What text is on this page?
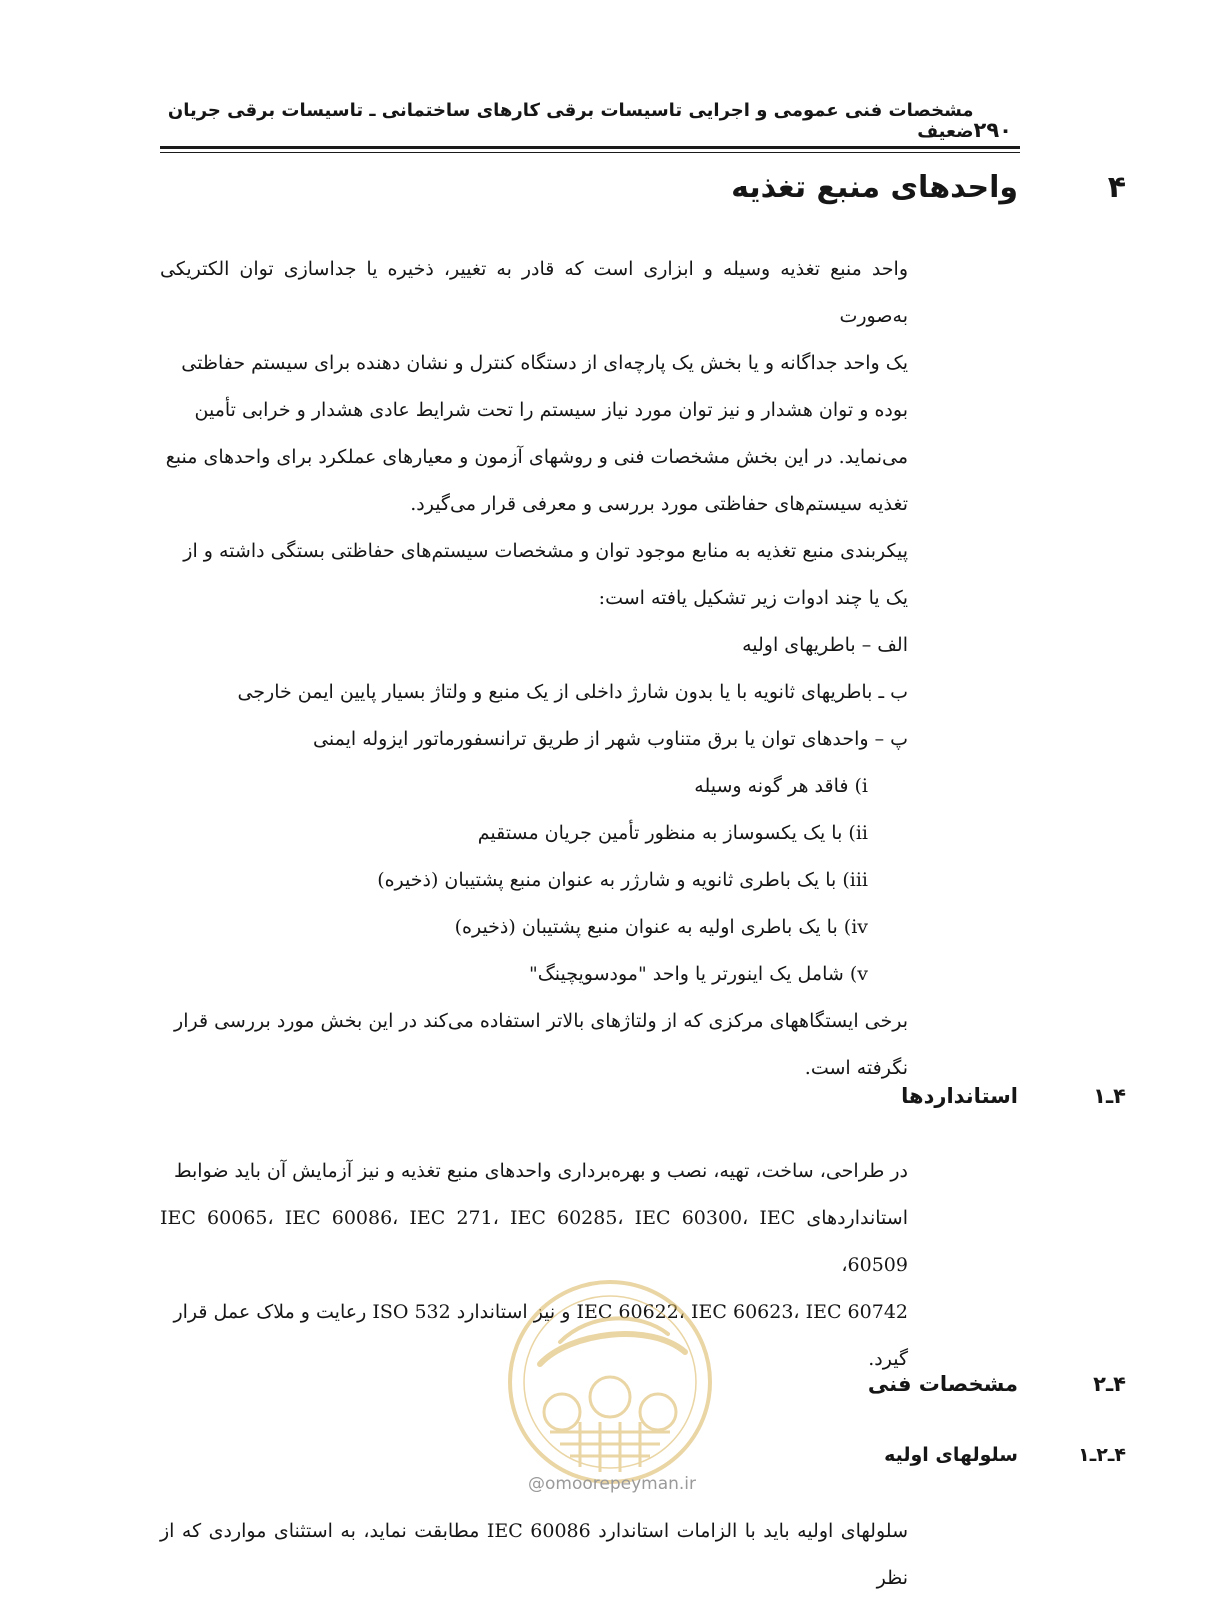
۲۹۰
مشخصات فنی عمومی و اجرایی تاسیسات برقی کارهای ساختمانی ـ تاسیسات برقی جریان ضعیف
۴
واحدهای منبع تغذیه

واحد منبع تغذیه وسیله و ابزاری است که قادر به تغییر، ذخیره یا جداسازی توان الکتریکی به‌صورت

یک واحد جداگانه و یا بخش یک پارچه‌ای از دستگاه کنترل و نشان دهنده برای سیستم حفاظتی

بوده و توان هشدار و نیز توان مورد نیاز سیستم را تحت شرایط عادی هشدار و خرابی تأمین

می‌نماید. در این بخش مشخصات فنی و روشهای آزمون و معیارهای عملکرد برای واحدهای منبع

تغذیه سیستم‌های حفاظتی مورد بررسی و معرفی قرار می‌گیرد.

پیکربندی منبع تغذیه به منابع موجود توان و مشخصات سیستم‌های حفاظتی بستگی داشته و از

یک یا چند ادوات زیر تشکیل یافته است:

الف – باطریهای اولیه

ب ـ باطریهای ثانویه با یا بدون شارژ داخلی از یک منبع و ولتاژ بسیار پایین ایمن خارجی

پ – واحدهای توان یا برق متناوب شهر از طریق ترانسفورماتور ایزوله ایمنی

i) فاقد هر گونه وسیله

ii) با یک یکسوساز به منظور تأمین جریان مستقیم

iii) با یک باطری ثانویه و شارژر به عنوان منبع پشتیبان (ذخیره)

iv) با یک باطری اولیه به عنوان منبع پشتیبان (ذخیره)

v) شامل یک اینورتر یا واحد "مودسویچینگ"

برخی ایستگاههای مرکزی که از ولتاژهای بالاتر استفاده می‌کند در این بخش مورد بررسی قرار

نگرفته است.

۴ـ۱
استانداردها

در طراحی، ساخت، تهیه، نصب و بهره‌برداری واحدهای منبع تغذیه و نیز آزمایش آن باید ضوابط

استانداردهای IEC 60065، IEC 60086، IEC 271، IEC 60285، IEC 60300، IEC 60509،

IEC 60622، IEC 60623، IEC 60742 و نیز استاندارد ISO 532 رعایت و ملاک عمل قرار

گیرد.

۴ـ۲
مشخصات فنی
۴ـ۲ـ۱
سلولهای اولیه

سلولهای اولیه باید با الزامات استاندارد IEC 60086 مطابقت نماید، به استثنای مواردی که از نظر

@omoorepeyman.ir
